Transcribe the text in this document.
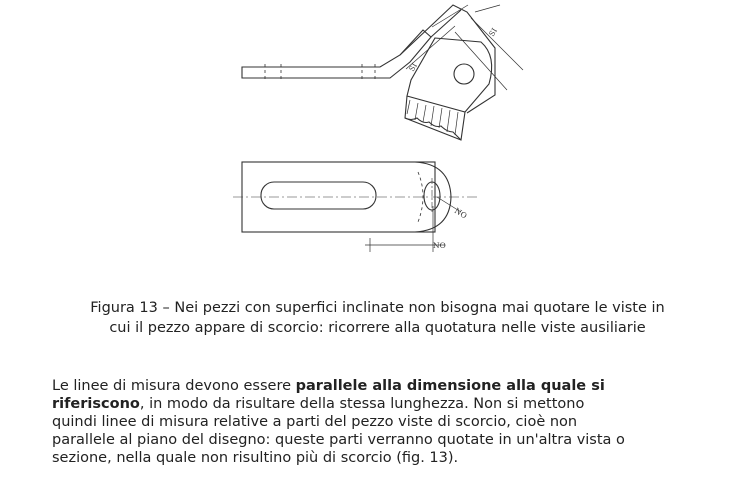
SI
SI
NO
NO
Figura 13 – Nei pezzi con superfici inclinate non bisogna mai quotare le viste in
cui il pezzo appare di scorcio: ricorrere alla quotatura nelle viste ausiliarie
Le linee di misura devono essere parallele alla dimensione alla quale si
riferiscono, in modo da risultare della stessa lunghezza. Non si mettono
quindi linee di misura relative a parti del pezzo viste di scorcio, cioè non
parallele al piano del disegno: queste parti verranno quotate in un'altra vista o
sezione, nella quale non risultino più di scorcio (fig. 13).
